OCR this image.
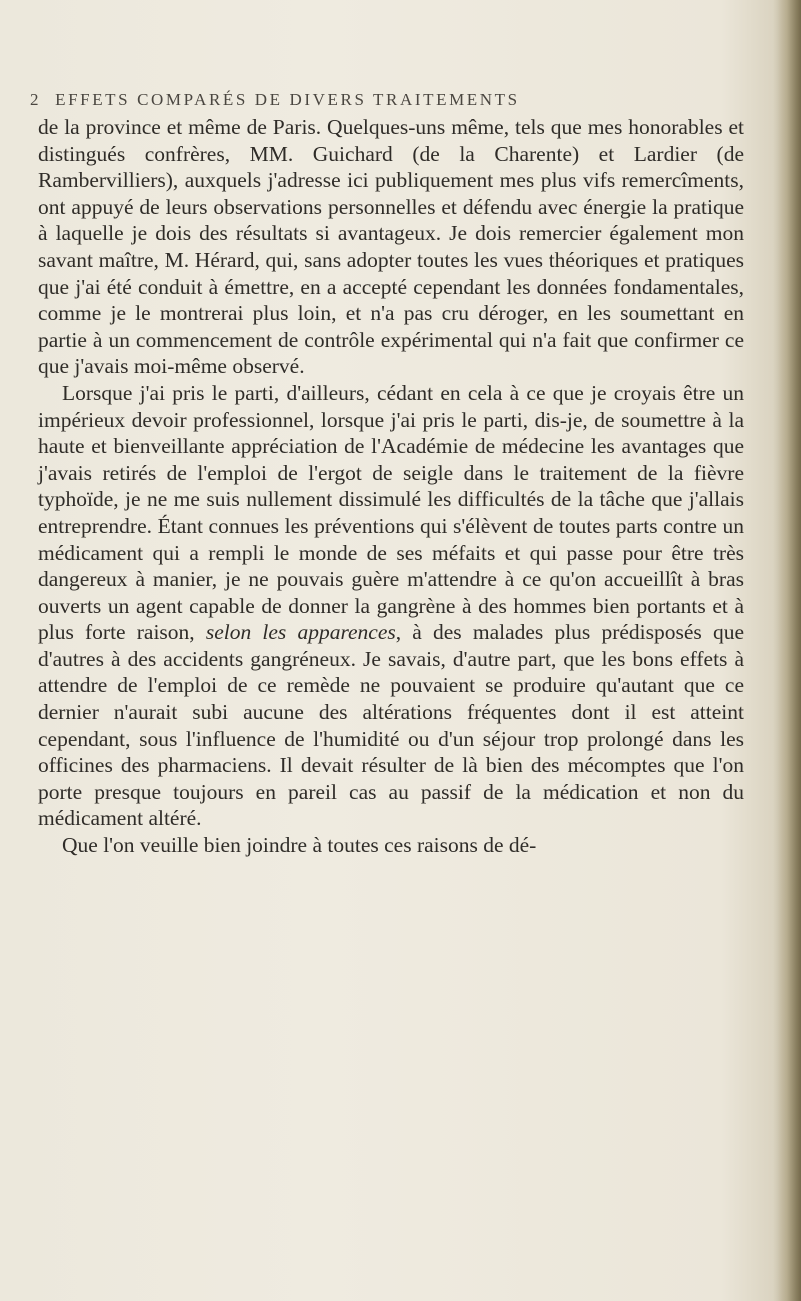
2 EFFETS COMPARÉS DE DIVERS TRAITEMENTS

de la province et même de Paris. Quelques-uns même, tels que mes honorables et distingués confrères, MM. Guichard (de la Charente) et Lardier (de Rambervilliers), auxquels j'adresse ici publiquement mes plus vifs remercîments, ont appuyé de leurs observations personnelles et défendu avec énergie la pratique à laquelle je dois des résultats si avantageux. Je dois remercier également mon savant maître, M. Hérard, qui, sans adopter toutes les vues théoriques et pratiques que j'ai été conduit à émettre, en a accepté cependant les données fondamentales, comme je le montrerai plus loin, et n'a pas cru déroger, en les soumettant en partie à un commencement de contrôle expérimental qui n'a fait que confirmer ce que j'avais moi-même observé.

Lorsque j'ai pris le parti, d'ailleurs, cédant en cela à ce que je croyais être un impérieux devoir professionnel, lorsque j'ai pris le parti, dis-je, de soumettre à la haute et bienveillante appréciation de l'Académie de médecine les avantages que j'avais retirés de l'emploi de l'ergot de seigle dans le traitement de la fièvre typhoïde, je ne me suis nullement dissimulé les difficultés de la tâche que j'allais entreprendre. Étant connues les préventions qui s'élèvent de toutes parts contre un médicament qui a rempli le monde de ses méfaits et qui passe pour être très dangereux à manier, je ne pouvais guère m'attendre à ce qu'on accueillît à bras ouverts un agent capable de donner la gangrène à des hommes bien portants et à plus forte raison, selon les apparences, à des malades plus prédisposés que d'autres à des accidents gangréneux. Je savais, d'autre part, que les bons effets à attendre de l'emploi de ce remède ne pouvaient se produire qu'autant que ce dernier n'aurait subi aucune des altérations fréquentes dont il est atteint cependant, sous l'influence de l'humidité ou d'un séjour trop prolongé dans les officines des pharmaciens. Il devait résulter de là bien des mécomptes que l'on porte presque toujours en pareil cas au passif de la médication et non du médicament altéré.

Que l'on veuille bien joindre à toutes ces raisons de dé-
